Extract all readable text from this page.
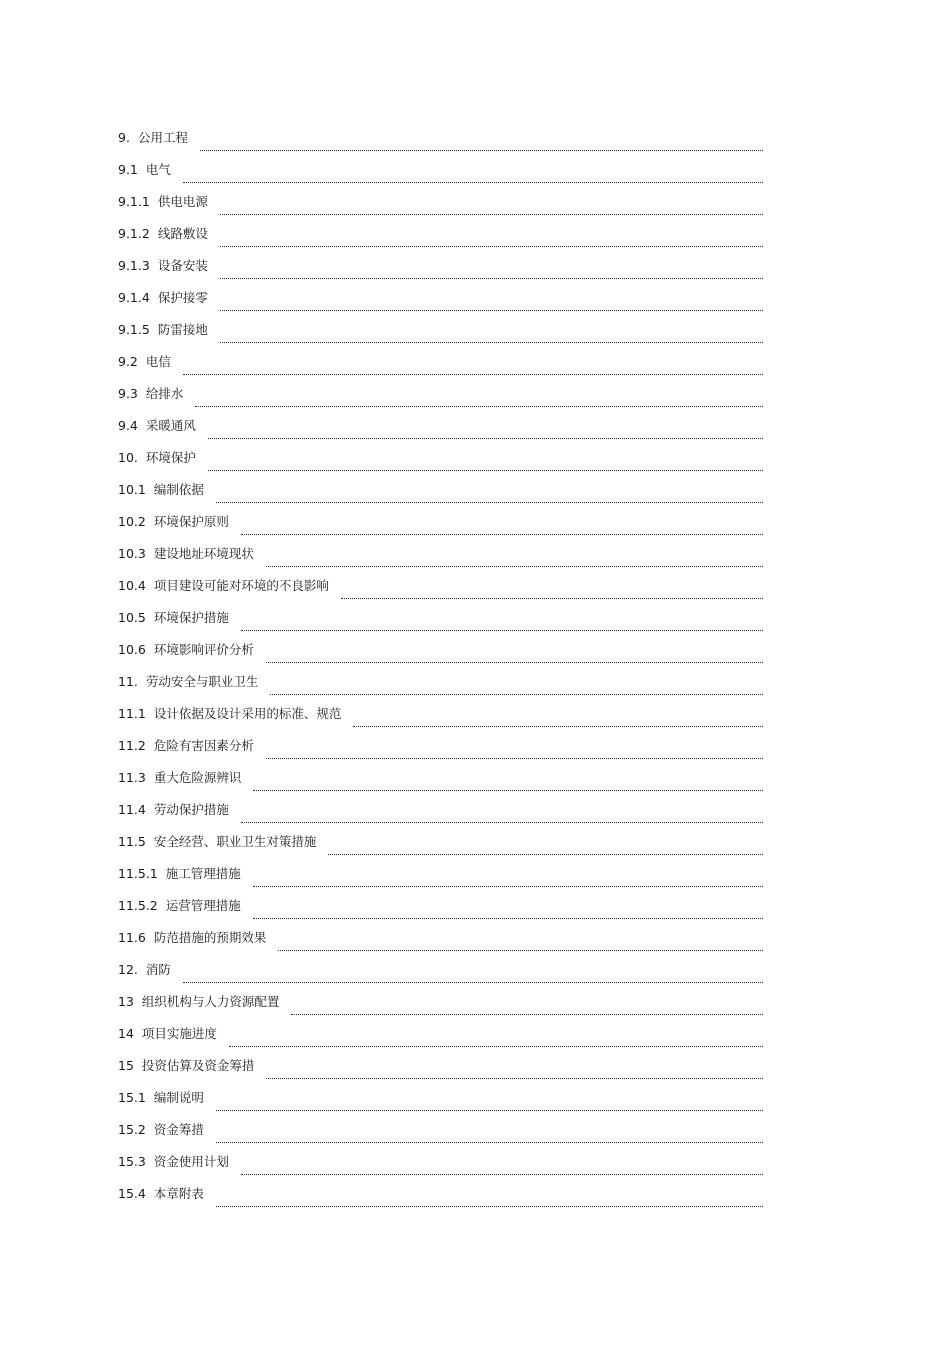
9. 公用工程
9.1 电气
9.1.1 供电电源
9.1.2 线路敷设
9.1.3 设备安装
9.1.4 保护接零
9.1.5 防雷接地
9.2 电信
9.3 给排水
9.4 采暖通风
10. 环境保护
10.1 编制依据
10.2 环境保护原则
10.3 建设地址环境现状
10.4 项目建设可能对环境的不良影响
10.5 环境保护措施
10.6 环境影响评价分析
11. 劳动安全与职业卫生
11.1 设计依据及设计采用的标准、规范
11.2 危险有害因素分析
11.3 重大危险源辨识
11.4 劳动保护措施
11.5 安全经营、职业卫生对策措施
11.5.1 施工管理措施
11.5.2 运营管理措施
11.6 防范措施的预期效果
12. 消防
13 组织机构与人力资源配置
14 项目实施进度
15 投资估算及资金筹措
15.1 编制说明
15.2 资金筹措
15.3 资金使用计划
15.4 本章附表
